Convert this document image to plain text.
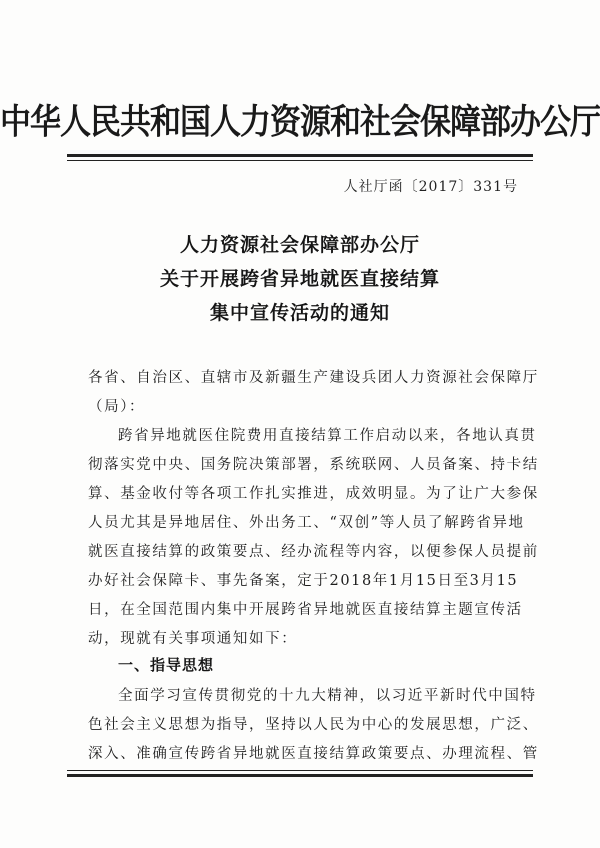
中华人民共和国人力资源和社会保障部办公厅
人社厅函〔2017〕331号
人力资源社会保障部办公厅
关于开展跨省异地就医直接结算
集中宣传活动的通知
各省、自治区、直辖市及新疆生产建设兵团人力资源社会保障厅
（局）：
跨省异地就医住院费用直接结算工作启动以来，各地认真贯
彻落实党中央、国务院决策部署，系统联网、人员备案、持卡结
算、基金收付等各项工作扎实推进，成效明显。为了让广大参保
人员尤其是异地居住、外出务工、“双创”等人员了解跨省异地
就医直接结算的政策要点、经办流程等内容，以便参保人员提前
办好社会保障卡、事先备案，定于2018年1月15日至3月15
日，在全国范围内集中开展跨省异地就医直接结算主题宣传活
动，现就有关事项通知如下：
一、指导思想
全面学习宣传贯彻党的十九大精神，以习近平新时代中国特
色社会主义思想为指导，坚持以人民为中心的发展思想，广泛、
深入、准确宣传跨省异地就医直接结算政策要点、办理流程、管
